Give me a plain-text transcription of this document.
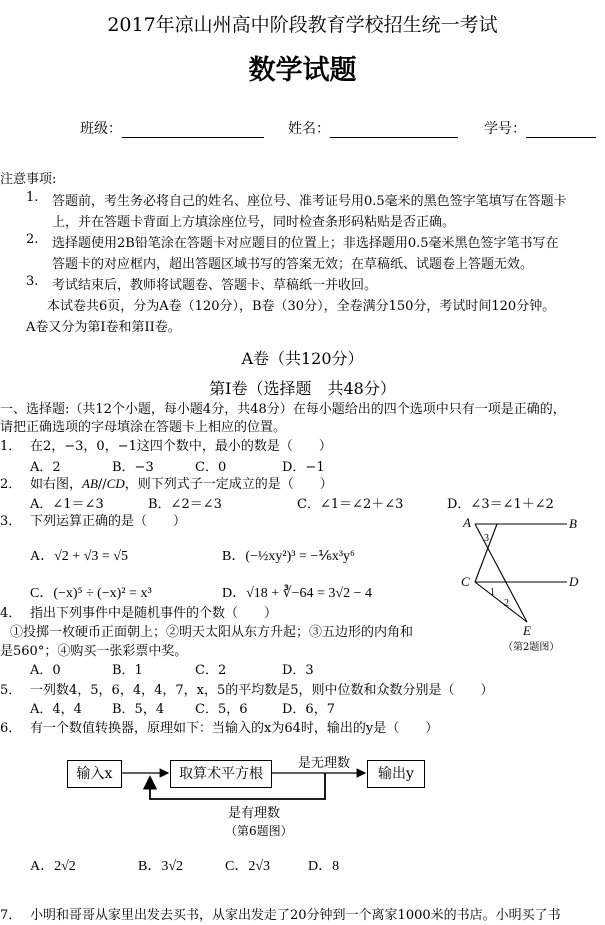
2017年凉山州高中阶段教育学校招生统一考试
数学试题
班级：	姓名：	学号：
注意事项:
1. 答题前，考生务必将自己的姓名、座位号、准考证号用0.5毫米的黑色签字笔填写在答题卡
上，并在答题卡背面上方填涂座位号，同时检查条形码粘贴是否正确。
2. 选择题使用2B铅笔涂在答题卡对应题目的位置上；非选择题用0.5毫米黑色签字笔书写在
答题卡的对应框内，超出答题区域书写的答案无效；在草稿纸、试题卷上答题无效。
3. 考试结束后，教师将试题卷、答题卡、草稿纸一并收回。
本试卷共6页，分为A卷（120分），B卷（30分），全卷满分150分，考试时间120分钟。
A卷又分为第I卷和第II卷。
A卷（共120分）
第Ⅰ卷（选择题　共48分）
一、选择题:（共12个小题，每小题4分，共48分）在每小题给出的四个选项中只有一项是正确的，
请把正确选项的字母填涂在答题卡上相应的位置。
1． 在2，−3，0，−1这四个数中，最小的数是（　　）
A．2	B．−3	C．0	D．−1
2． 如右图，AB//CD，则下列式子一定成立的是（　　）
A．∠1＝∠3	B．∠2＝∠3	C．∠1＝∠2＋∠3	D．∠3＝∠1＋∠2
3． 下列运算正确的是（　　）
A．√2 + √3 = √5	B．(−½xy²)³ = −⅙x³y⁶
C．(−x)⁵ ÷ (−x)² = x³	D．√18 + ∛−64 = 3√2 − 4
4． 指出下列事件中是随机事件的个数（　　）
①投掷一枚硬币正面朝上；②明天太阳从东方升起；③五边形的内角和
是560°；④购买一张彩票中奖。
A．0	B．1	C．2	D．3
5． 一列数4，5，6，4，4，7，x，5的平均数是5，则中位数和众数分别是（　　）
A．4，4 B．5，4 C．5，6	D．6，7
6． 有一个数值转换器，原理如下：当输入的x为64时，输出的y是（　　）
输入x	取算术平方根	输出y
是无理数
是有理数
（第6题图）
A．2√2	B．3√2	C．2√3	D．8
7． 小明和哥哥从家里出发去买书，从家出发走了20分钟到一个离家1000米的书店。小明买了书
A	B
C	D
E
3
1
2
（第2题图）
